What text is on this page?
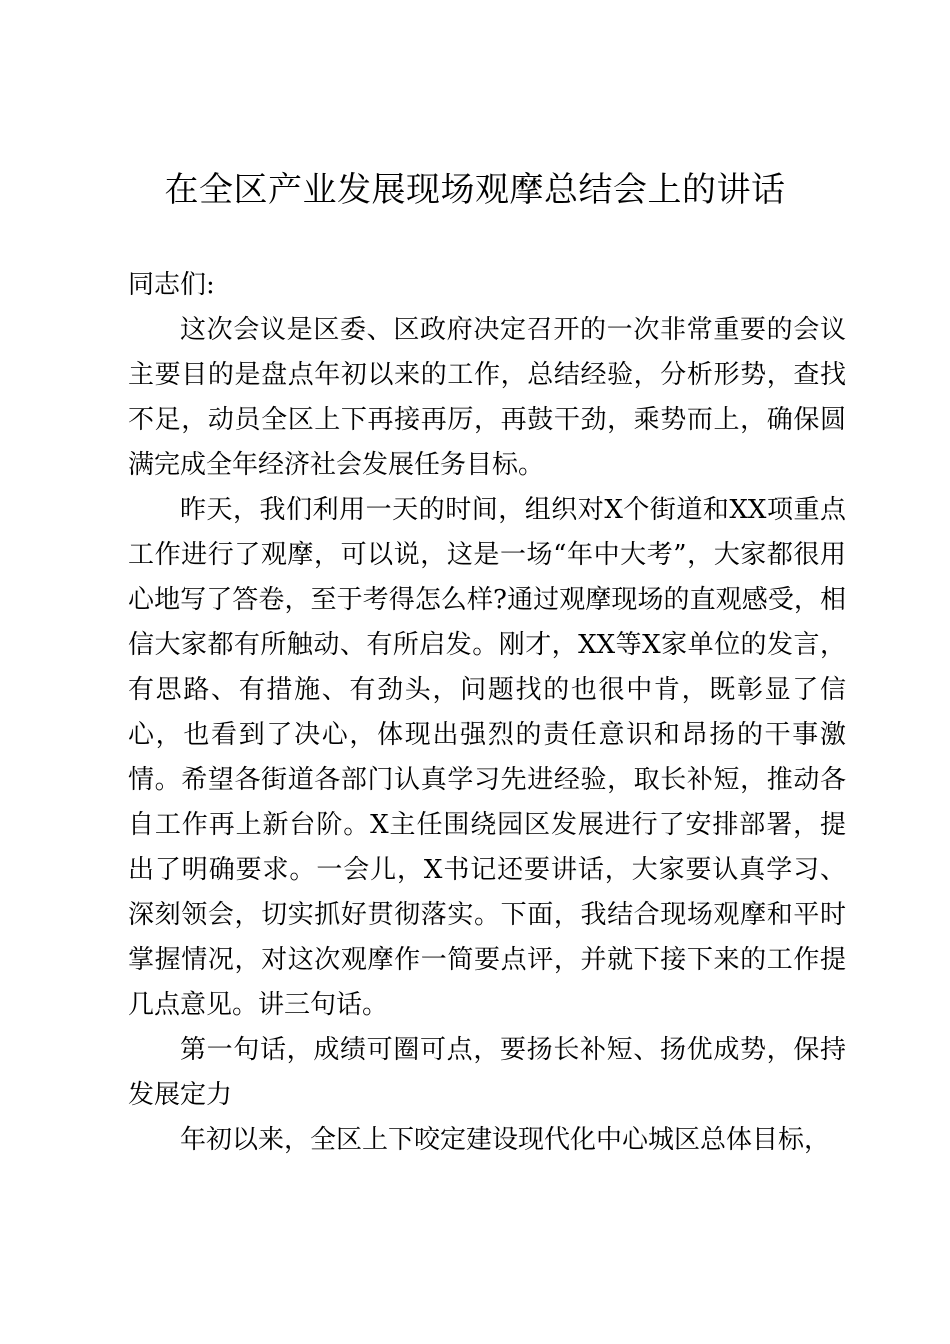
在全区产业发展现场观摩总结会上的讲话

同志们:

这次会议是区委、区政府决定召开的一次非常重要的会议主要目的是盘点年初以来的工作，总结经验，分析形势，查找不足，动员全区上下再接再厉，再鼓干劲，乘势而上，确保圆满完成全年经济社会发展任务目标。

昨天，我们利用一天的时间，组织对X个街道和XX项重点工作进行了观摩，可以说，这是一场“年中大考”，大家都很用心地写了答卷，至于考得怎么样?通过观摩现场的直观感受，相信大家都有所触动、有所启发。刚才，XX等X家单位的发言，有思路、有措施、有劲头，问题找的也很中肯，既彰显了信心，也看到了决心，体现出强烈的责任意识和昂扬的干事激情。希望各街道各部门认真学习先进经验，取长补短，推动各自工作再上新台阶。X主任围绕园区发展进行了安排部署，提出了明确要求。一会儿，X书记还要讲话，大家要认真学习、深刻领会，切实抓好贯彻落实。下面，我结合现场观摩和平时掌握情况，对这次观摩作一简要点评，并就下接下来的工作提几点意见。讲三句话。

第一句话，成绩可圈可点，要扬长补短、扬优成势，保持发展定力

年初以来，全区上下咬定建设现代化中心城区总体目标，
